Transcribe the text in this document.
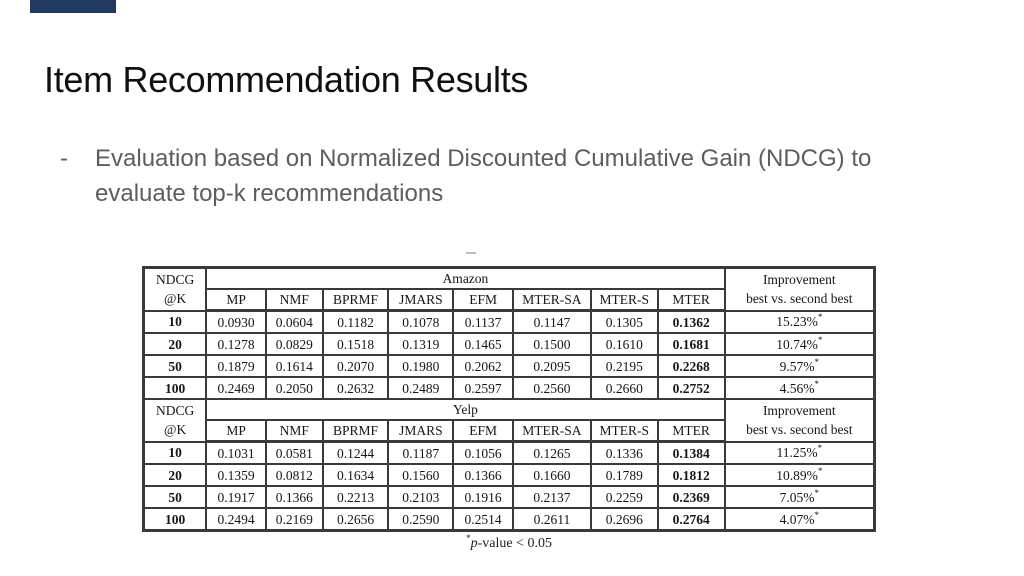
Item Recommendation Results
-	Evaluation based on Normalized Discounted Cumulative Gain (NDCG) to
evaluate top-k recommendations
NDCG
@K
	Amazon	Improvement
best vs. second best

	MP	NMF	BPRMF	JMARS	EFM	MTER-SA	MTER-S	MTER	
10	0.0930	0.0604	0.1182	0.1078	0.1137	0.1147	0.1305	0.1362	15.23%*
20	0.1278	0.0829	0.1518	0.1319	0.1465	0.1500	0.1610	0.1681	10.74%*
50	0.1879	0.1614	0.2070	0.1980	0.2062	0.2095	0.2195	0.2268	9.57%*
100	0.2469	0.2050	0.2632	0.2489	0.2597	0.2560	0.2660	0.2752	4.56%*

NDCG
@K
	Yelp	Improvement
best vs. second best

	MP	NMF	BPRMF	JMARS	EFM	MTER-SA	MTER-S	MTER	
10	0.1031	0.0581	0.1244	0.1187	0.1056	0.1265	0.1336	0.1384	11.25%*
20	0.1359	0.0812	0.1634	0.1560	0.1366	0.1660	0.1789	0.1812	10.89%*
50	0.1917	0.1366	0.2213	0.2103	0.1916	0.2137	0.2259	0.2369	7.05%*
100	0.2494	0.2169	0.2656	0.2590	0.2514	0.2611	0.2696	0.2764	4.07%*
*p-value < 0.05
